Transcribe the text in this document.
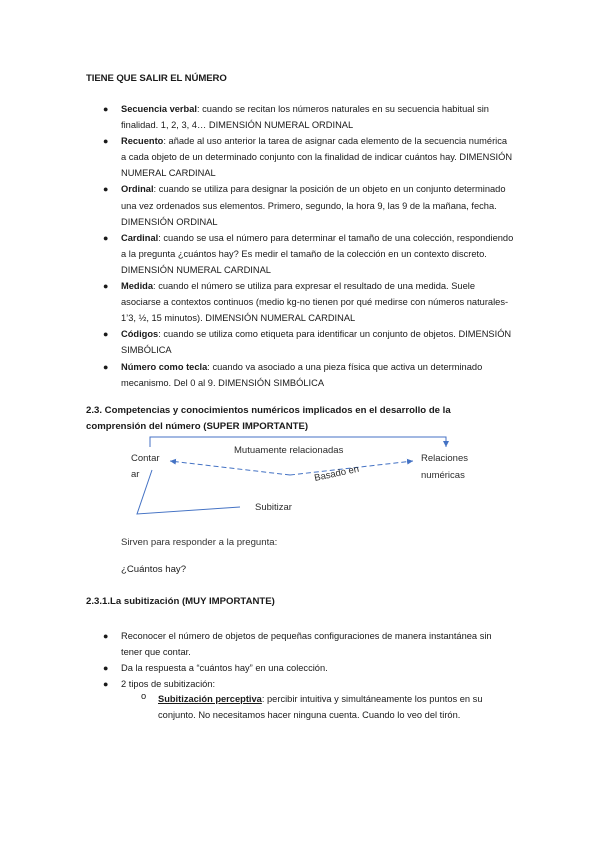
TIENE QUE SALIR EL NÚMERO
● Secuencia verbal: cuando se recitan los números naturales en su secuencia habitual sin finalidad. 1, 2, 3, 4… DIMENSIÓN NUMERAL ORDINAL
● Recuento: añade al uso anterior la tarea de asignar cada elemento de la secuencia numérica a cada objeto de un determinado conjunto con la finalidad de indicar cuántos hay. DIMENSIÓN NUMERAL CARDINAL
● Ordinal: cuando se utiliza para designar la posición de un objeto en un conjunto determinado una vez ordenados sus elementos. Primero, segundo, la hora 9, las 9 de la mañana, fecha. DIMENSIÓN ORDINAL
● Cardinal: cuando se usa el número para determinar el tamaño de una colección, respondiendo a la pregunta ¿cuántos hay? Es medir el tamaño de la colección en un contexto discreto. DIMENSIÓN NUMERAL CARDINAL
● Medida: cuando el número se utiliza para expresar el resultado de una medida. Suele asociarse a contextos continuos (medio kg-no tienen por qué medirse con números naturales-1’3, ½, 15 minutos). DIMENSIÓN NUMERAL CARDINAL
● Códigos: cuando se utiliza como etiqueta para identificar un conjunto de objetos. DIMENSIÓN SIMBÓLICA
● Número como tecla: cuando va asociado a una pieza física que activa un determinado mecanismo. Del 0 al 9. DIMENSIÓN SIMBÓLICA
2.3. Competencias y conocimientos numéricos implicados en el desarrollo de la comprensión del número (SUPER IMPORTANTE)
Mutuamente relacionadas
Basado en
Contar
ar
Relaciones
numéricas
Subitizar
Sirven para responder a la pregunta:
¿Cuántos hay?
2.3.1.La subitización (MUY IMPORTANTE)
● Reconocer el número de objetos de pequeñas configuraciones de manera instantánea sin tener que contar.
● Da la respuesta a “cuántos hay” en una colección.
● 2 tipos de subitización:
o Subitización perceptiva: percibir intuitiva y simultáneamente los puntos en su conjunto. No necesitamos hacer ninguna cuenta. Cuando lo veo del tirón.
